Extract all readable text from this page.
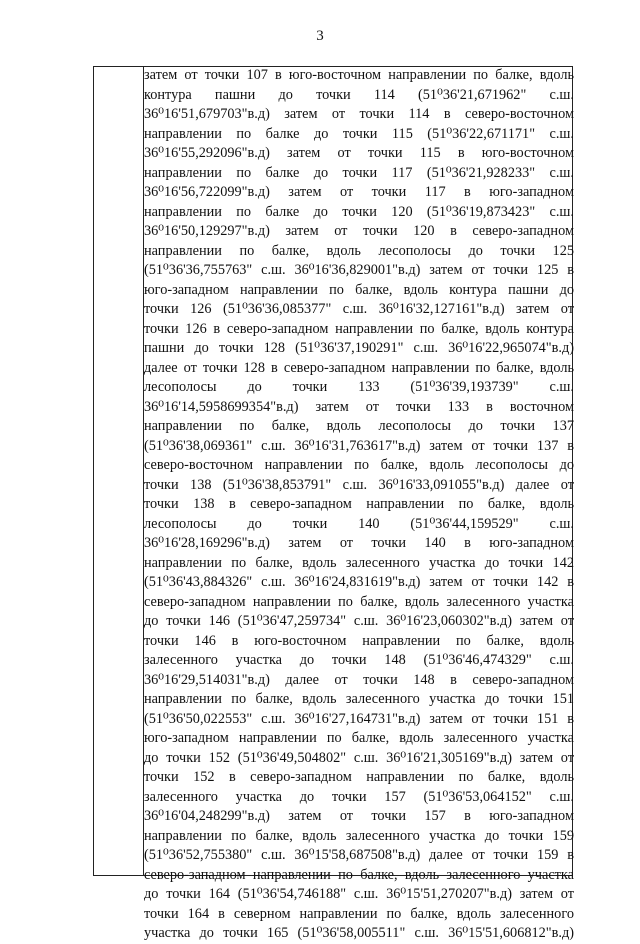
3
затем от точки 107 в юго-восточном направлении по балке, вдоль
контура пашни до точки 114 (51⁰36'21,671962" с.ш.
36⁰16'51,679703"в.д) затем от точки 114 в северо-восточном
направлении по балке до точки 115 (51⁰36'22,671171" с.ш.
36⁰16'55,292096"в.д) затем от точки 115 в юго-восточном
направлении по балке до точки 117 (51⁰36'21,928233" с.ш.
36⁰16'56,722099"в.д) затем от точки 117 в юго-западном
направлении по балке до точки 120 (51⁰36'19,873423" с.ш.
36⁰16'50,129297"в.д) затем от точки 120 в северо-западном
направлении по балке, вдоль лесополосы до точки 125
(51⁰36'36,755763" с.ш. 36⁰16'36,829001"в.д) затем от точки 125 в
юго-западном направлении по балке, вдоль контура пашни до
точки 126 (51⁰36'36,085377" с.ш. 36⁰16'32,127161"в.д) затем от
точки 126 в северо-западном направлении по балке, вдоль контура
пашни до точки 128 (51⁰36'37,190291" с.ш. 36⁰16'22,965074"в.д)
далее от точки 128 в северо-западном направлении по балке, вдоль
лесополосы до точки 133 (51⁰36'39,193739" с.ш.
36⁰16'14,5958699354"в.д) затем от точки 133 в восточном
направлении по балке, вдоль лесополосы до точки 137
(51⁰36'38,069361" с.ш. 36⁰16'31,763617"в.д) затем от точки 137 в
северо-восточном направлении по балке, вдоль лесополосы до
точки 138 (51⁰36'38,853791" с.ш. 36⁰16'33,091055"в.д) далее от
точки 138 в северо-западном направлении по балке, вдоль
лесополосы до точки 140 (51⁰36'44,159529" с.ш.
36⁰16'28,169296"в.д) затем от точки 140 в юго-западном
направлении по балке, вдоль залесенного участка до точки 142
(51⁰36'43,884326" с.ш. 36⁰16'24,831619"в.д) затем от точки 142 в
северо-западном направлении по балке, вдоль залесенного участка
до точки 146 (51⁰36'47,259734" с.ш. 36⁰16'23,060302"в.д) затем от
точки 146 в юго-восточном направлении по балке, вдоль
залесенного участка до точки 148 (51⁰36'46,474329" с.ш.
36⁰16'29,514031"в.д) далее от точки 148 в северо-западном
направлении по балке, вдоль залесенного участка до точки 151
(51⁰36'50,022553" с.ш. 36⁰16'27,164731"в.д) затем от точки 151 в
юго-западном направлении по балке, вдоль залесенного участка
до точки 152 (51⁰36'49,504802" с.ш. 36⁰16'21,305169"в.д) затем от
точки 152 в северо-западном направлении по балке, вдоль
залесенного участка до точки 157 (51⁰36'53,064152" с.ш.
36⁰16'04,248299"в.д) затем от точки 157 в юго-западном
направлении по балке, вдоль залесенного участка до точки 159
(51⁰36'52,755380" с.ш. 36⁰15'58,687508"в.д) далее от точки 159 в
северо-западном направлении по балке, вдоль залесенного участка
до точки 164 (51⁰36'54,746188" с.ш. 36⁰15'51,270207"в.д) затем от
точки 164 в северном направлении по балке, вдоль залесенного
участка до точки 165 (51⁰36'58,005511" с.ш. 36⁰15'51,606812"в.д)
